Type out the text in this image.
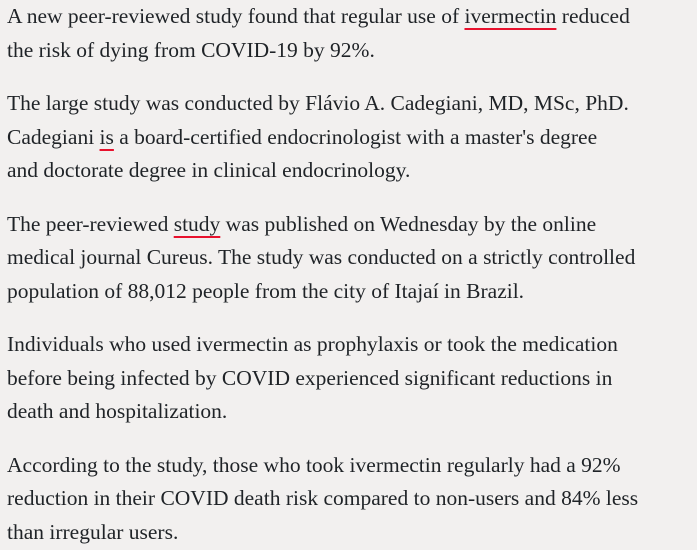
A new peer-reviewed study found that regular use of ivermectin reduced
the risk of dying from COVID-19 by 92%.

The large study was conducted by Flávio A. Cadegiani, MD, MSc, PhD.
Cadegiani is a board-certified endocrinologist with a master's degree
and doctorate degree in clinical endocrinology.

The peer-reviewed study was published on Wednesday by the online
medical journal Cureus. The study was conducted on a strictly controlled
population of 88,012 people from the city of Itajaí in Brazil.

Individuals who used ivermectin as prophylaxis or took the medication
before being infected by COVID experienced significant reductions in
death and hospitalization.

According to the study, those who took ivermectin regularly had a 92%
reduction in their COVID death risk compared to non-users and 84% less
than irregular users.
